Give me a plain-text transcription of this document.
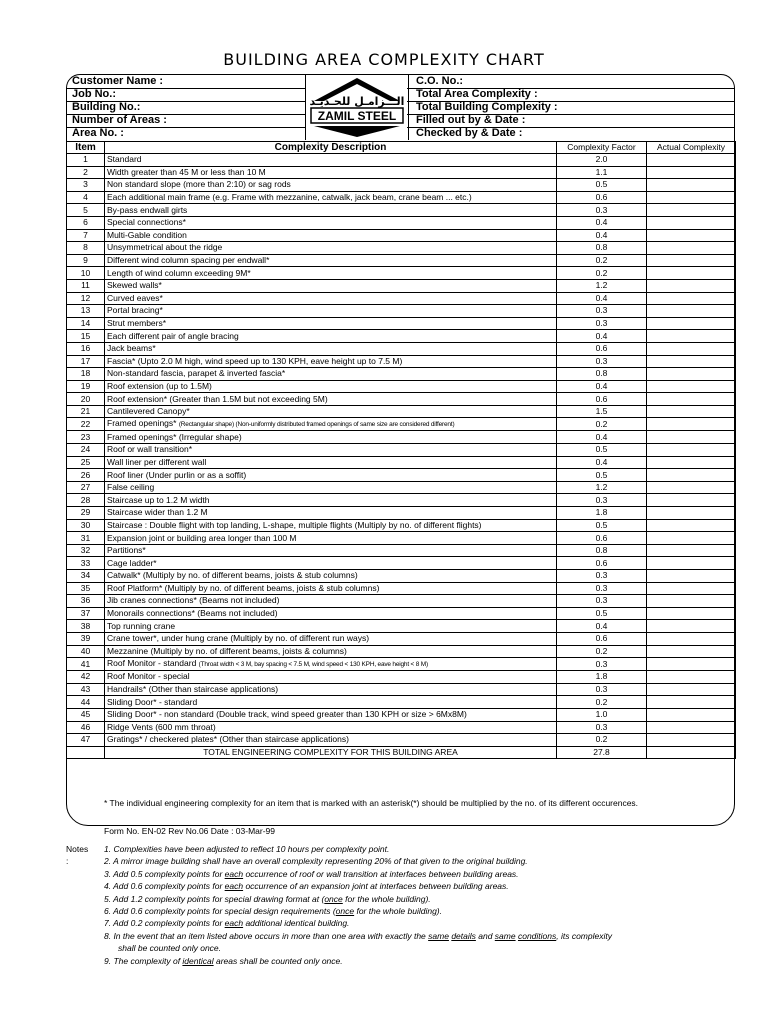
BUILDING AREA COMPLEXITY CHART
Customer Name :
Job No.:
Building No.:
Number of Areas :
Area No. :
C.O. No.:
Total Area Complexity :
Total Building Complexity :
Filled out by & Date :
Checked by & Date :
الـــزامـل للحـديـد
ZAMIL STEEL
Item	Complexity Description	Complexity Factor	Actual Complexity
1	Standard	2.0	
2	Width greater than 45 M or less than 10 M	1.1	
3	Non standard slope (more than 2:10) or sag rods	0.5	
4	Each additional main frame (e.g. Frame with mezzanine, catwalk, jack beam, crane beam ... etc.)	0.6	
5	By-pass endwall girts	0.3	
6	Special connections*	0.4	
7	Multi-Gable condition	0.4	
8	Unsymmetrical about the ridge	0.8	
9	Different wind column spacing per endwall*	0.2	
10	Length of wind column exceeding 9M*	0.2	
11	Skewed walls*	1.2	
12	Curved eaves*	0.4	
13	Portal bracing*	0.3	
14	Strut members*	0.3	
15	Each different pair of angle bracing	0.4	
16	Jack beams*	0.6	
17	Fascia* (Upto 2.0 M high, wind speed up to 130 KPH, eave height up to 7.5 M)	0.3	
18	Non-standard fascia, parapet & inverted fascia*	0.8	
19	Roof extension (up to 1.5M)	0.4	
20	Roof extension* (Greater than 1.5M but not exceeding 5M)	0.6	
21	Cantilevered Canopy*	1.5	
22	Framed openings* (Rectangular shape) (Non-uniformly distributed framed openings of same size are considered different)	0.2	
23	Framed openings* (Irregular shape)	0.4	
24	Roof or wall transition*	0.5	
25	Wall liner per different wall	0.4	
26	Roof liner (Under purlin or as a soffit)	0.5	
27	False ceiling	1.2	
28	Staircase up to 1.2 M width	0.3	
29	Staircase wider than 1.2 M	1.8	
30	Staircase : Double flight with top landing, L-shape, multiple flights (Multiply by no. of different flights)	0.5	
31	Expansion joint or building area longer than 100 M	0.6	
32	Partitions*	0.8	
33	Cage ladder*	0.6	
34	Catwalk* (Multiply by no. of different beams, joists & stub columns)	0.3	
35	Roof Platform* (Multiply by no. of different beams, joists & stub columns)	0.3	
36	Jib cranes connections* (Beams not included)	0.3	
37	Monorails connections* (Beams not included)	0.5	
38	Top running crane	0.4	
39	Crane tower*, under hung crane (Multiply by no. of different run ways)	0.6	
40	Mezzanine (Multiply by no. of different beams, joists & columns)	0.2	
41	Roof Monitor - standard (Throat width < 3 M, bay spacing < 7.5 M, wind speed < 130 KPH, eave height < 8 M)	0.3	
42	Roof Monitor - special	1.8	
43	Handrails* (Other than staircase applications)	0.3	
44	Sliding Door* - standard	0.2	
45	Sliding Door* - non standard (Double track, wind speed greater than 130 KPH or size > 6Mx8M)	1.0	
46	Ridge Vents (600 mm throat)	0.3	
47	Gratings* / checkered plates* (Other than staircase applications)	0.2	
	TOTAL ENGINEERING COMPLEXITY FOR THIS BUILDING AREA	27.8	
* The individual engineering complexity for an item that is marked with an asterisk(*) should be multiplied by the no. of its different occurences.
Form No. EN-02 Rev No.06 Date : 03-Mar-99
Notes :
1. Complexities have been adjusted to reflect 10 hours per complexity point.
2. A mirror image building shall have an overall complexity representing 20% of that given to the original building.
3. Add 0.5 complexity points for each occurrence of roof or wall transition at interfaces between building areas.
4. Add 0.6 complexity points for each occurrence of an expansion joint at interfaces between building areas.
5. Add 1.2 complexity points for special drawing format at (once for the whole building).
6. Add 0.6 complexity points for special design requirements (once for the whole building).
7. Add 0.2 complexity points for each additional identical building.
8. In the event that an item listed above occurs in more than one area with exactly the same details and same conditions, its complexity
shall be counted only once.
9. The complexity of identical areas shall be counted only once.
